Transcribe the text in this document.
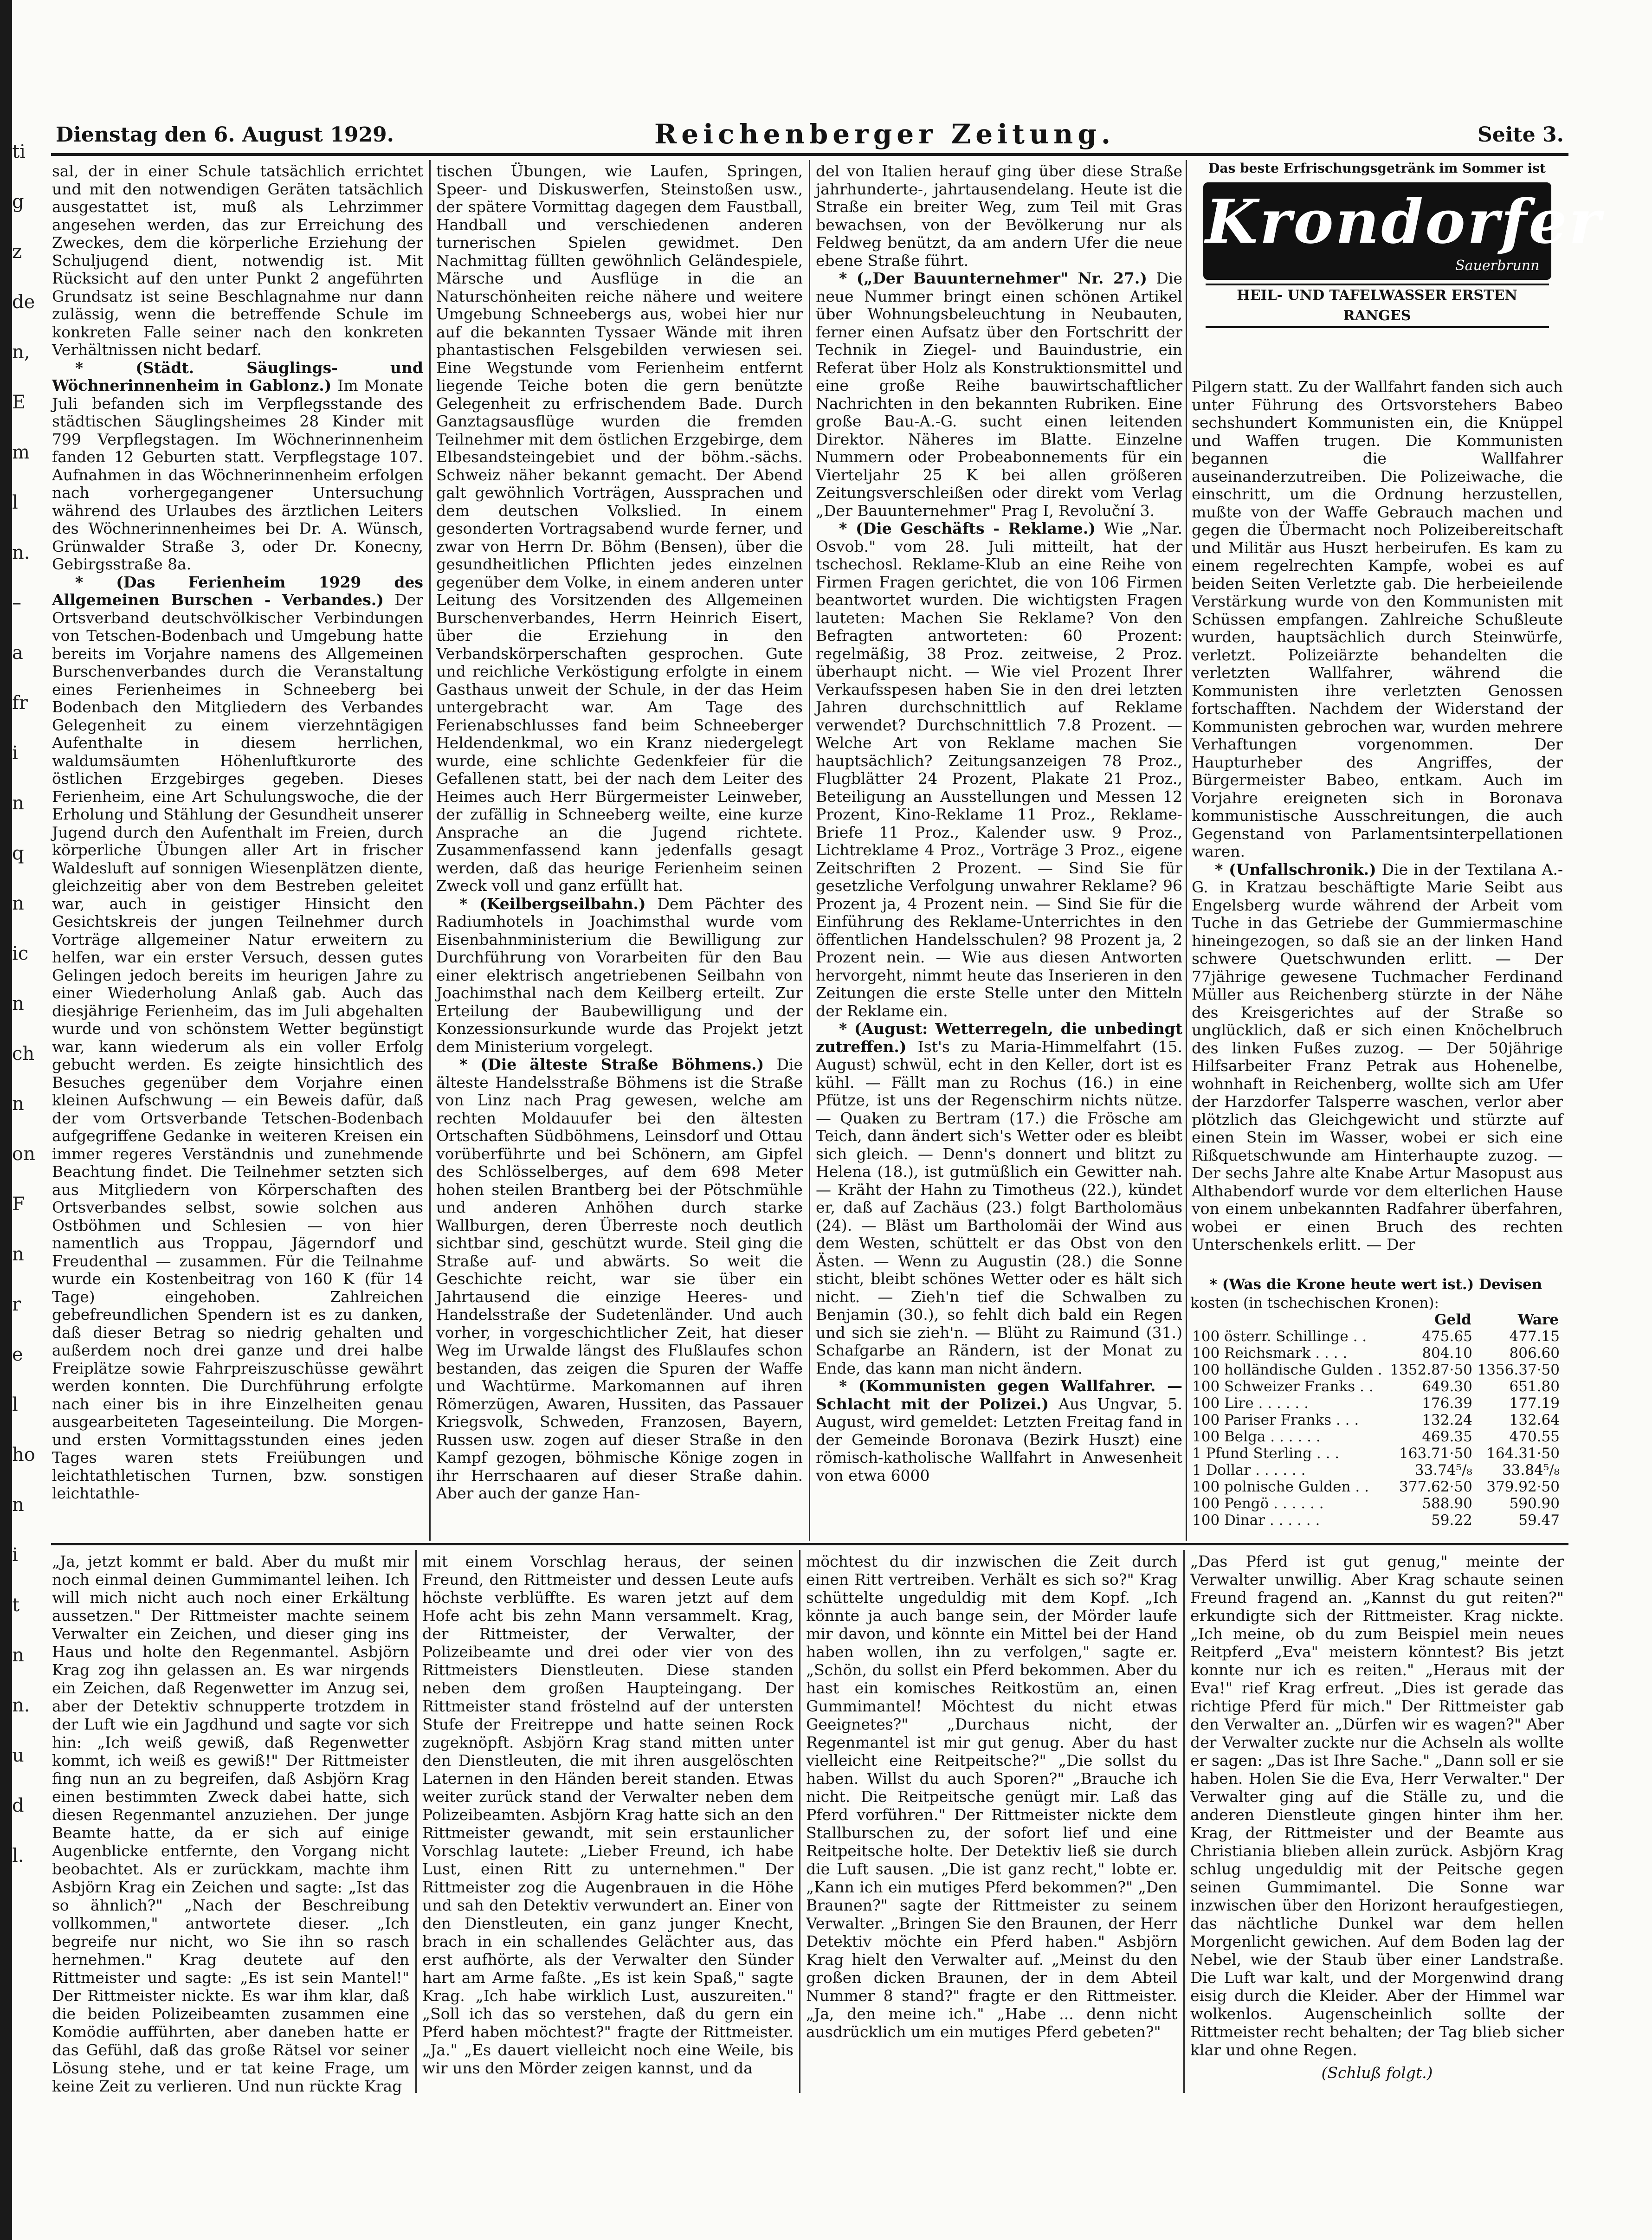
ti
g
z
de
n,
E
m
l
n.
–
a
fr
i
n
q
n
ic
n
ch
n
on
F
n
r
e
l
ho
n
i
t
n
n.
u
d
l.
Dienstag den 6. August 1929.	Reichenberger Zeitung.	Seite 3.

sal, der in einer Schule tatsächlich errichtet und mit den notwendigen Geräten tatsächlich ausgestattet ist, muß als Lehrzimmer angesehen werden, das zur Erreichung des Zweckes, dem die körperliche Erziehung der Schuljugend dient, notwendig ist. Mit Rücksicht auf den unter Punkt 2 angeführten Grundsatz ist seine Beschlagnahme nur dann zulässig, wenn die betreffende Schule im konkreten Falle seiner nach den konkreten Verhältnissen nicht bedarf.

* (Städt. Säuglings- und Wöchnerinnenheim in Gablonz.) Im Monate Juli befanden sich im Verpflegsstande des städtischen Säuglingsheimes 28 Kinder mit 799 Verpflegstagen. Im Wöchnerinnenheim fanden 12 Geburten statt. Verpflegstage 107. Aufnahmen in das Wöchnerinnenheim erfolgen nach vorhergegangener Untersuchung während des Urlaubes des ärztlichen Leiters des Wöchnerinnenheimes bei Dr. A. Wünsch, Grünwalder Straße 3, oder Dr. Konecny, Gebirgsstraße 8a.

* (Das Ferienheim 1929 des Allgemeinen Burschen - Verbandes.) Der Ortsverband deutschvölkischer Verbindungen von Tetschen-Bodenbach und Umgebung hatte bereits im Vorjahre namens des Allgemeinen Burschenverbandes durch die Veranstaltung eines Ferienheimes in Schneeberg bei Bodenbach den Mitgliedern des Verbandes Gelegenheit zu einem vierzehntägigen Aufenthalte in diesem herrlichen, waldumsäumten Höhenluftkurorte des östlichen Erzgebirges gegeben. Dieses Ferienheim, eine Art Schulungswoche, die der Erholung und Stählung der Gesundheit unserer Jugend durch den Aufenthalt im Freien, durch körperliche Übungen aller Art in frischer Waldesluft auf sonnigen Wiesenplätzen diente, gleichzeitig aber von dem Bestreben geleitet war, auch in geistiger Hinsicht den Gesichtskreis der jungen Teilnehmer durch Vorträge allgemeiner Natur erweitern zu helfen, war ein erster Versuch, dessen gutes Gelingen jedoch bereits im heurigen Jahre zu einer Wiederholung Anlaß gab. Auch das diesjährige Ferienheim, das im Juli abgehalten wurde und von schönstem Wetter begünstigt war, kann wiederum als ein voller Erfolg gebucht werden. Es zeigte hinsichtlich des Besuches gegenüber dem Vorjahre einen kleinen Aufschwung — ein Beweis dafür, daß der vom Ortsverbande Tetschen-Bodenbach aufgegriffene Gedanke in weiteren Kreisen ein immer regeres Verständnis und zunehmende Beachtung findet. Die Teilnehmer setzten sich aus Mitgliedern von Körperschaften des Ortsverbandes selbst, sowie solchen aus Ostböhmen und Schlesien — von hier namentlich aus Troppau, Jägerndorf und Freudenthal — zusammen. Für die Teilnahme wurde ein Kostenbeitrag von 160 K (für 14 Tage) eingehoben. Zahlreichen gebefreundlichen Spendern ist es zu danken, daß dieser Betrag so niedrig gehalten und außerdem noch drei ganze und drei halbe Freiplätze sowie Fahrpreiszuschüsse gewährt werden konnten. Die Durchführung erfolgte nach einer bis in ihre Einzelheiten genau ausgearbeiteten Tageseinteilung. Die Morgen- und ersten Vormittagsstunden eines jeden Tages waren stets Freiübungen und leichtathletischen Turnen, bzw. sonstigen leichtathle-

tischen Übungen, wie Laufen, Springen, Speer- und Diskuswerfen, Steinstoßen usw., der spätere Vormittag dagegen dem Faustball, Handball und verschiedenen anderen turnerischen Spielen gewidmet. Den Nachmittag füllten gewöhnlich Geländespiele, Märsche und Ausflüge in die an Naturschönheiten reiche nähere und weitere Umgebung Schneebergs aus, wobei hier nur auf die bekannten Tyssaer Wände mit ihren phantastischen Felsgebilden verwiesen sei. Eine Wegstunde vom Ferienheim entfernt liegende Teiche boten die gern benützte Gelegenheit zu erfrischendem Bade. Durch Ganztagsausflüge wurden die fremden Teilnehmer mit dem östlichen Erzgebirge, dem Elbesandsteingebiet und der böhm.-sächs. Schweiz näher bekannt gemacht. Der Abend galt gewöhnlich Vorträgen, Aussprachen und dem deutschen Volkslied. In einem gesonderten Vortragsabend wurde ferner, und zwar von Herrn Dr. Böhm (Bensen), über die gesundheitlichen Pflichten jedes einzelnen gegenüber dem Volke, in einem anderen unter Leitung des Vorsitzenden des Allgemeinen Burschenverbandes, Herrn Heinrich Eisert, über die Erziehung in den Verbandskörperschaften gesprochen. Gute und reichliche Verköstigung erfolgte in einem Gasthaus unweit der Schule, in der das Heim untergebracht war. Am Tage des Ferienabschlusses fand beim Schneeberger Heldendenkmal, wo ein Kranz niedergelegt wurde, eine schlichte Gedenkfeier für die Gefallenen statt, bei der nach dem Leiter des Heimes auch Herr Bürgermeister Leinweber, der zufällig in Schneeberg weilte, eine kurze Ansprache an die Jugend richtete. Zusammenfassend kann jedenfalls gesagt werden, daß das heurige Ferienheim seinen Zweck voll und ganz erfüllt hat.

* (Keilbergseilbahn.) Dem Pächter des Radiumhotels in Joachimsthal wurde vom Eisenbahnministerium die Bewilligung zur Durchführung von Vorarbeiten für den Bau einer elektrisch angetriebenen Seilbahn von Joachimsthal nach dem Keilberg erteilt. Zur Erteilung der Baubewilligung und der Konzessionsurkunde wurde das Projekt jetzt dem Ministerium vorgelegt.

* (Die älteste Straße Böhmens.) Die älteste Handelsstraße Böhmens ist die Straße von Linz nach Prag gewesen, welche am rechten Moldauufer bei den ältesten Ortschaften Südböhmens, Leinsdorf und Ottau vorüberführte und bei Schönern, am Gipfel des Schlösselberges, auf dem 698 Meter hohen steilen Brantberg bei der Pötschmühle und anderen Anhöhen durch starke Wallburgen, deren Überreste noch deutlich sichtbar sind, geschützt wurde. Steil ging die Straße auf- und abwärts. So weit die Geschichte reicht, war sie über ein Jahrtausend die einzige Heeres- und Handelsstraße der Sudetenländer. Und auch vorher, in vorgeschichtlicher Zeit, hat dieser Weg im Urwalde längst des Flußlaufes schon bestanden, das zeigen die Spuren der Waffe und Wachtürme. Markomannen auf ihren Römerzügen, Awaren, Hussiten, das Passauer Kriegsvolk, Schweden, Franzosen, Bayern, Russen usw. zogen auf dieser Straße in den Kampf gezogen, böhmische Könige zogen in ihr Herrschaaren auf dieser Straße dahin. Aber auch der ganze Han-

del von Italien herauf ging über diese Straße jahrhunderte-, jahrtausendelang. Heute ist die Straße ein breiter Weg, zum Teil mit Gras bewachsen, von der Bevölkerung nur als Feldweg benützt, da am andern Ufer die neue ebene Straße führt.

* („Der Bauunternehmer" Nr. 27.) Die neue Nummer bringt einen schönen Artikel über Wohnungsbeleuchtung in Neubauten, ferner einen Aufsatz über den Fortschritt der Technik in Ziegel- und Bauindustrie, ein Referat über Holz als Konstruktionsmittel und eine große Reihe bauwirtschaftlicher Nachrichten in den bekannten Rubriken. Eine große Bau-A.-G. sucht einen leitenden Direktor. Näheres im Blatte. Einzelne Nummern oder Probeabonnements für ein Vierteljahr 25 K bei allen größeren Zeitungsverschleißen oder direkt vom Verlag „Der Bauunternehmer" Prag I, Revoluční 3.

* (Die Geschäfts - Reklame.) Wie „Nar. Osvob." vom 28. Juli mitteilt, hat der tschechosl. Reklame-Klub an eine Reihe von Firmen Fragen gerichtet, die von 106 Firmen beantwortet wurden. Die wichtigsten Fragen lauteten: Machen Sie Reklame? Von den Befragten antworteten: 60 Prozent: regelmäßig, 38 Proz. zeitweise, 2 Proz. überhaupt nicht. — Wie viel Prozent Ihrer Verkaufsspesen haben Sie in den drei letzten Jahren durchschnittlich auf Reklame verwendet? Durchschnittlich 7.8 Prozent. — Welche Art von Reklame machen Sie hauptsächlich? Zeitungsanzeigen 78 Proz., Flugblätter 24 Prozent, Plakate 21 Proz., Beteiligung an Ausstellungen und Messen 12 Prozent, Kino-Reklame 11 Proz., Reklame-Briefe 11 Proz., Kalender usw. 9 Proz., Lichtreklame 4 Proz., Vorträge 3 Proz., eigene Zeitschriften 2 Prozent. — Sind Sie für gesetzliche Verfolgung unwahrer Reklame? 96 Prozent ja, 4 Prozent nein. — Sind Sie für die Einführung des Reklame-Unterrichtes in den öffentlichen Handelsschulen? 98 Prozent ja, 2 Prozent nein. — Wie aus diesen Antworten hervorgeht, nimmt heute das Inserieren in den Zeitungen die erste Stelle unter den Mitteln der Reklame ein.

* (August: Wetterregeln, die unbedingt zutreffen.) Ist's zu Maria-Himmelfahrt (15. August) schwül, echt in den Keller, dort ist es kühl. — Fällt man zu Rochus (16.) in eine Pfütze, ist uns der Regenschirm nichts nütze. — Quaken zu Bertram (17.) die Frösche am Teich, dann ändert sich's Wetter oder es bleibt sich gleich. — Denn's donnert und blitzt zu Helena (18.), ist gutmüßlich ein Gewitter nah. — Kräht der Hahn zu Timotheus (22.), kündet er, daß auf Zachäus (23.) folgt Bartholomäus (24). — Bläst um Bartholomäi der Wind aus dem Westen, schüttelt er das Obst von den Ästen. — Wenn zu Augustin (28.) die Sonne sticht, bleibt schönes Wetter oder es hält sich nicht. — Zieh'n tief die Schwalben zu Benjamin (30.), so fehlt dich bald ein Regen und sich sie zieh'n. — Blüht zu Raimund (31.) Schafgarbe an Rändern, ist der Monat zu Ende, das kann man nicht ändern.

* (Kommunisten gegen Wallfahrer. — Schlacht mit der Polizei.) Aus Ungvar, 5. August, wird gemeldet: Letzten Freitag fand in der Gemeinde Boronava (Bezirk Huszt) eine römisch-katholische Wallfahrt in Anwesenheit von etwa 6000

Das beste Erfrischungsgetränk im Sommer ist
Krondorfer
Sauerbrunn
HEIL- UND TAFELWASSER ERSTEN RANGES

Pilgern statt. Zu der Wallfahrt fanden sich auch unter Führung des Ortsvorstehers Babeo sechshundert Kommunisten ein, die Knüppel und Waffen trugen. Die Kommunisten begannen die Wallfahrer auseinanderzutreiben. Die Polizeiwache, die einschritt, um die Ordnung herzustellen, mußte von der Waffe Gebrauch machen und gegen die Übermacht noch Polizeibereitschaft und Militär aus Huszt herbeirufen. Es kam zu einem regelrechten Kampfe, wobei es auf beiden Seiten Verletzte gab. Die herbeieilende Verstärkung wurde von den Kommunisten mit Schüssen empfangen. Zahlreiche Schußleute wurden, hauptsächlich durch Steinwürfe, verletzt. Polizeiärzte behandelten die verletzten Wallfahrer, während die Kommunisten ihre verletzten Genossen fortschafften. Nachdem der Widerstand der Kommunisten gebrochen war, wurden mehrere Verhaftungen vorgenommen. Der Haupturheber des Angriffes, der Bürgermeister Babeo, entkam. Auch im Vorjahre ereigneten sich in Boronava kommunistische Ausschreitungen, die auch Gegenstand von Parlamentsinterpellationen waren.

* (Unfallschronik.) Die in der Textilana A.-G. in Kratzau beschäftigte Marie Seibt aus Engelsberg wurde während der Arbeit vom Tuche in das Getriebe der Gummiermaschine hineingezogen, so daß sie an der linken Hand schwere Quetschwunden erlitt. — Der 77jährige gewesene Tuchmacher Ferdinand Müller aus Reichenberg stürzte in der Nähe des Kreisgerichtes auf der Straße so unglücklich, daß er sich einen Knöchelbruch des linken Fußes zuzog. — Der 50jährige Hilfsarbeiter Franz Petrak aus Hohenelbe, wohnhaft in Reichenberg, wollte sich am Ufer der Harzdorfer Talsperre waschen, verlor aber plötzlich das Gleichgewicht und stürzte auf einen Stein im Wasser, wobei er sich eine Rißquetschwunde am Hinterhaupte zuzog. — Der sechs Jahre alte Knabe Artur Masopust aus Althabendorf wurde vor dem elterlichen Hause von einem unbekannten Radfahrer überfahren, wobei er einen Bruch des rechten Unterschenkels erlitt. — Der

* (Was die Krone heute wert ist.) Devisen
kosten (in tschechischen Kronen):
	Geld	Ware
100 österr. Schillinge . .	475.65	477.15
100 Reichsmark . . . .	804.10	806.60
100 holländische Gulden .	1352.87·50	1356.37·50
100 Schweizer Franks . .	649.30	651.80
100 Lire . . . . . .	176.39	177.19
100 Pariser Franks . . .	132.24	132.64
100 Belga . . . . . .	469.35	470.55
1 Pfund Sterling . . .	163.71·50	164.31·50
1 Dollar . . . . . .	33.74⁵/₈	33.84⁵/₈
100 polnische Gulden . .	377.62·50	379.92·50
100 Pengö . . . . . .	588.90	590.90
100 Dinar . . . . . .	59.22	59.47

„Ja, jetzt kommt er bald. Aber du mußt mir noch einmal deinen Gummimantel leihen. Ich will mich nicht auch noch einer Erkältung aussetzen." Der Rittmeister machte seinem Verwalter ein Zeichen, und dieser ging ins Haus und holte den Regenmantel. Asbjörn Krag zog ihn gelassen an. Es war nirgends ein Zeichen, daß Regenwetter im Anzug sei, aber der Detektiv schnupperte trotzdem in der Luft wie ein Jagdhund und sagte vor sich hin: „Ich weiß gewiß, daß Regenwetter kommt, ich weiß es gewiß!" Der Rittmeister fing nun an zu begreifen, daß Asbjörn Krag einen bestimmten Zweck dabei hatte, sich diesen Regenmantel anzuziehen. Der junge Beamte hatte, da er sich auf einige Augenblicke entfernte, den Vorgang nicht beobachtet. Als er zurückkam, machte ihm Asbjörn Krag ein Zeichen und sagte: „Ist das so ähnlich?" „Nach der Beschreibung vollkommen," antwortete dieser. „Ich begreife nur nicht, wo Sie ihn so rasch hernehmen." Krag deutete auf den Rittmeister und sagte: „Es ist sein Mantel!" Der Rittmeister nickte. Es war ihm klar, daß die beiden Polizeibeamten zusammen eine Komödie aufführten, aber daneben hatte er das Gefühl, daß das große Rätsel vor seiner Lösung stehe, und er tat keine Frage, um keine Zeit zu verlieren. Und nun rückte Krag

mit einem Vorschlag heraus, der seinen Freund, den Rittmeister und dessen Leute aufs höchste verblüffte. Es waren jetzt auf dem Hofe acht bis zehn Mann versammelt. Krag, der Rittmeister, der Verwalter, der Polizeibeamte und drei oder vier von des Rittmeisters Dienstleuten. Diese standen neben dem großen Haupteingang. Der Rittmeister stand fröstelnd auf der untersten Stufe der Freitreppe und hatte seinen Rock zugeknöpft. Asbjörn Krag stand mitten unter den Dienstleuten, die mit ihren ausgelöschten Laternen in den Händen bereit standen. Etwas weiter zurück stand der Verwalter neben dem Polizeibeamten. Asbjörn Krag hatte sich an den Rittmeister gewandt, mit sein erstaunlicher Vorschlag lautete: „Lieber Freund, ich habe Lust, einen Ritt zu unternehmen." Der Rittmeister zog die Augenbrauen in die Höhe und sah den Detektiv verwundert an. Einer von den Dienstleuten, ein ganz junger Knecht, brach in ein schallendes Gelächter aus, das erst aufhörte, als der Verwalter den Sünder hart am Arme faßte. „Es ist kein Spaß," sagte Krag. „Ich habe wirklich Lust, auszureiten." „Soll ich das so verstehen, daß du gern ein Pferd haben möchtest?" fragte der Rittmeister. „Ja." „Es dauert vielleicht noch eine Weile, bis wir uns den Mörder zeigen kannst, und da

möchtest du dir inzwischen die Zeit durch einen Ritt vertreiben. Verhält es sich so?" Krag schüttelte ungeduldig mit dem Kopf. „Ich könnte ja auch bange sein, der Mörder laufe mir davon, und könnte ein Mittel bei der Hand haben wollen, ihn zu verfolgen," sagte er. „Schön, du sollst ein Pferd bekommen. Aber du hast ein komisches Reitkostüm an, einen Gummimantel! Möchtest du nicht etwas Geeignetes?" „Durchaus nicht, der Regenmantel ist mir gut genug. Aber du hast vielleicht eine Reitpeitsche?" „Die sollst du haben. Willst du auch Sporen?" „Brauche ich nicht. Die Reitpeitsche genügt mir. Laß das Pferd vorführen." Der Rittmeister nickte dem Stallburschen zu, der sofort lief und eine Reitpeitsche holte. Der Detektiv ließ sie durch die Luft sausen. „Die ist ganz recht," lobte er. „Kann ich ein mutiges Pferd bekommen?" „Den Braunen?" sagte der Rittmeister zu seinem Verwalter. „Bringen Sie den Braunen, der Herr Detektiv möchte ein Pferd haben." Asbjörn Krag hielt den Verwalter auf. „Meinst du den großen dicken Braunen, der in dem Abteil Nummer 8 stand?" fragte er den Rittmeister. „Ja, den meine ich." „Habe ... denn nicht ausdrücklich um ein mutiges Pferd gebeten?"

„Das Pferd ist gut genug," meinte der Verwalter unwillig. Aber Krag schaute seinen Freund fragend an. „Kannst du gut reiten?" erkundigte sich der Rittmeister. Krag nickte. „Ich meine, ob du zum Beispiel mein neues Reitpferd „Eva" meistern könntest? Bis jetzt konnte nur ich es reiten." „Heraus mit der Eva!" rief Krag erfreut. „Dies ist gerade das richtige Pferd für mich." Der Rittmeister gab den Verwalter an. „Dürfen wir es wagen?" Aber der Verwalter zuckte nur die Achseln als wollte er sagen: „Das ist Ihre Sache." „Dann soll er sie haben. Holen Sie die Eva, Herr Verwalter." Der Verwalter ging auf die Ställe zu, und die anderen Dienstleute gingen hinter ihm her. Krag, der Rittmeister und der Beamte aus Christiania blieben allein zurück. Asbjörn Krag schlug ungeduldig mit der Peitsche gegen seinen Gummimantel. Die Sonne war inzwischen über den Horizont heraufgestiegen, das nächtliche Dunkel war dem hellen Morgenlicht gewichen. Auf dem Boden lag der Nebel, wie der Staub über einer Landstraße. Die Luft war kalt, und der Morgenwind drang eisig durch die Kleider. Aber der Himmel war wolkenlos. Augenscheinlich sollte der Rittmeister recht behalten; der Tag blieb sicher klar und ohne Regen.

(Schluß folgt.)
